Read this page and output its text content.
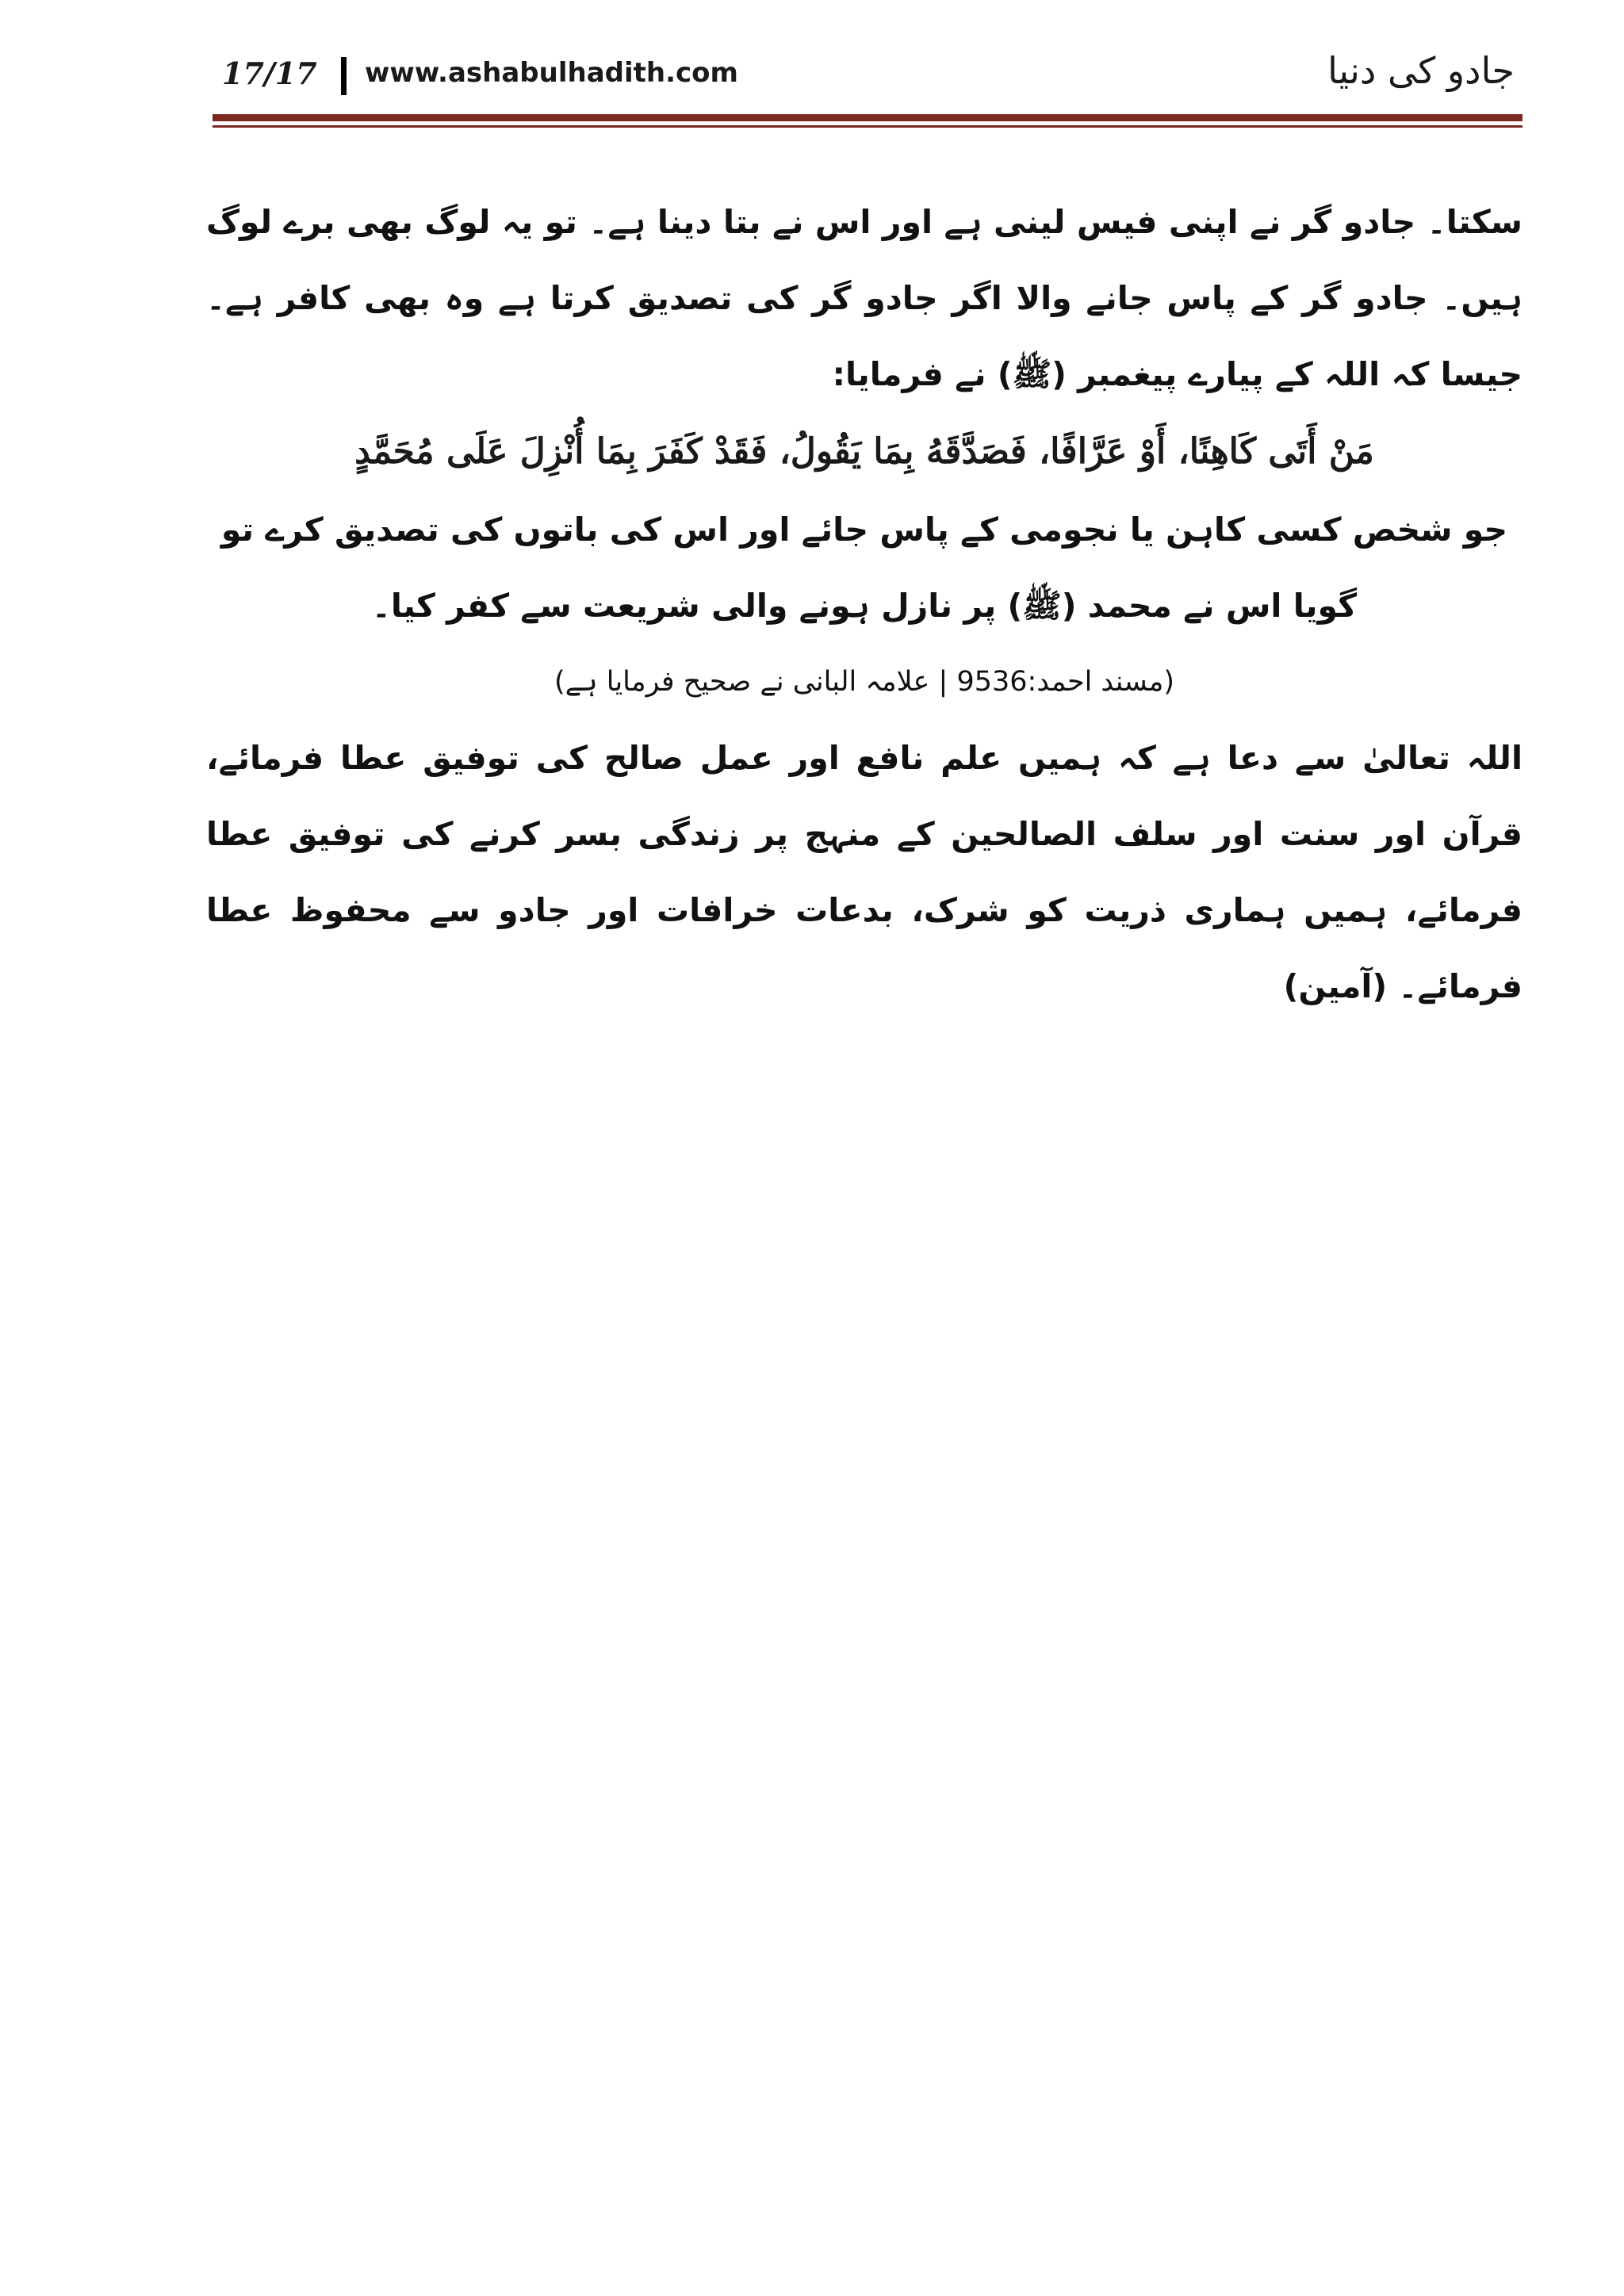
17/17 www.ashabulhadith.com	جادو کی دنیا

سکتا۔ جادو گر نے اپنی فیس لینی ہے اور اس نے بتا دینا ہے۔ تو یہ لوگ بھی برے لوگ ہیں۔ جادو گر کے پاس جانے والا اگر جادو گر کی تصدیق کرتا ہے وہ بھی کافر ہے۔ جیسا کہ اللہ کے پیارے پیغمبر (ﷺ) نے فرمایا:

مَنْ أَتَى كَاهِنًا، أَوْ عَرَّافًا، فَصَدَّقَهُ بِمَا يَقُولُ، فَقَدْ كَفَرَ بِمَا أُنْزِلَ عَلَى مُحَمَّدٍ

جو شخص کسی کاہن یا نجومی کے پاس جائے اور اس کی باتوں کی تصدیق کرے تو گویا اس نے محمد (ﷺ) پر نازل ہونے والی شریعت سے کفر کیا۔

(مسند احمد:9536 | علامہ البانی نے صحیح فرمایا ہے)

اللہ تعالیٰ سے دعا ہے کہ ہمیں علم نافع اور عمل صالح کی توفیق عطا فرمائے، قرآن اور سنت اور سلف الصالحین کے منہج پر زندگی بسر کرنے کی توفیق عطا فرمائے، ہمیں ہماری ذریت کو شرک، بدعات خرافات اور جادو سے محفوظ عطا فرمائے۔ (آمین)
